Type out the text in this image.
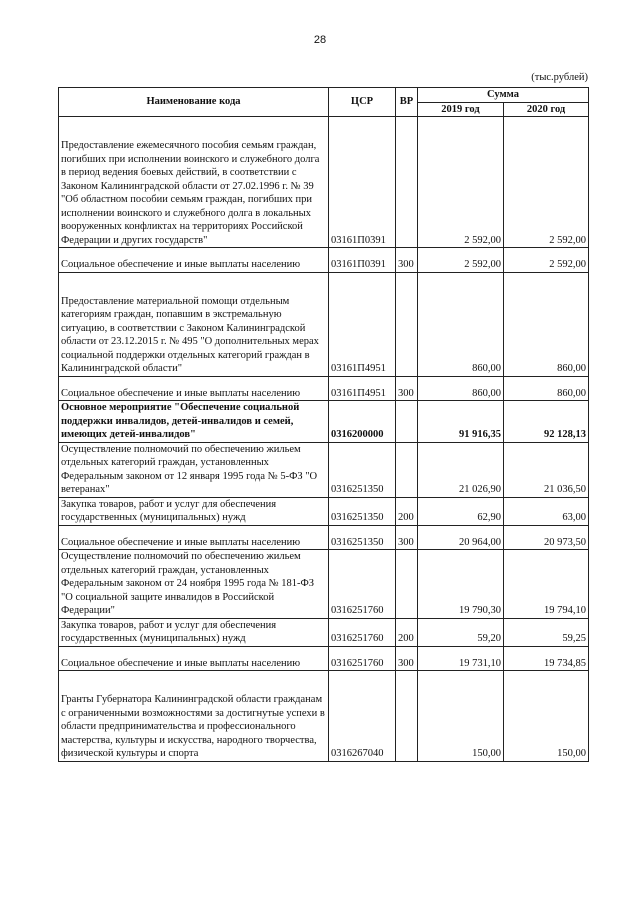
28
(тыс.рублей)
Наименование кода	ЦСР	ВР	Сумма	
			2019 год	2020 год
Предоставление ежемесячного пособия семьям граждан, погибших при исполнении воинского и служебного долга в период ведения боевых действий, в соответствии с Законом Калининградской области от 27.02.1996 г. № 39 "Об областном пособии семьям граждан, погибших при исполнении воинского и служебного долга в локальных вооруженных конфликтах на территориях Российской Федерации и других государств"	03161П0391		2 592,00	2 592,00
Социальное обеспечение и иные выплаты населению	03161П0391	300	2 592,00	2 592,00
Предоставление материальной помощи отдельным категориям граждан, попавшим в экстремальную ситуацию, в соответствии с Законом Калининградской области от 23.12.2015 г. № 495 "О дополнительных мерах социальной поддержки отдельных категорий граждан в Калининградской области"	03161П4951		860,00	860,00
Социальное обеспечение и иные выплаты населению	03161П4951	300	860,00	860,00
Основное мероприятие "Обеспечение социальной поддержки инвалидов, детей-инвалидов и семей, имеющих детей-инвалидов"	0316200000		91 916,35	92 128,13
Осуществление полномочий по обеспечению жильем отдельных категорий граждан, установленных Федеральным законом от 12 января 1995 года № 5-ФЗ "О ветеранах"	0316251350		21 026,90	21 036,50
Закупка товаров, работ и услуг для обеспечения государственных (муниципальных) нужд	0316251350	200	62,90	63,00
Социальное обеспечение и иные выплаты населению	0316251350	300	20 964,00	20 973,50
Осуществление полномочий по обеспечению жильем отдельных категорий граждан, установленных Федеральным законом от 24 ноября 1995 года № 181-ФЗ "О социальной защите инвалидов в Российской Федерации"	0316251760		19 790,30	19 794,10
Закупка товаров, работ и услуг для обеспечения государственных (муниципальных) нужд	0316251760	200	59,20	59,25
Социальное обеспечение и иные выплаты населению	0316251760	300	19 731,10	19 734,85
Гранты Губернатора Калининградской области гражданам с ограниченными возможностями за достигнутые успехи в области предпринимательства и профессионального мастерства, культуры и искусства, народного творчества, физической культуры и спорта	0316267040		150,00	150,00
